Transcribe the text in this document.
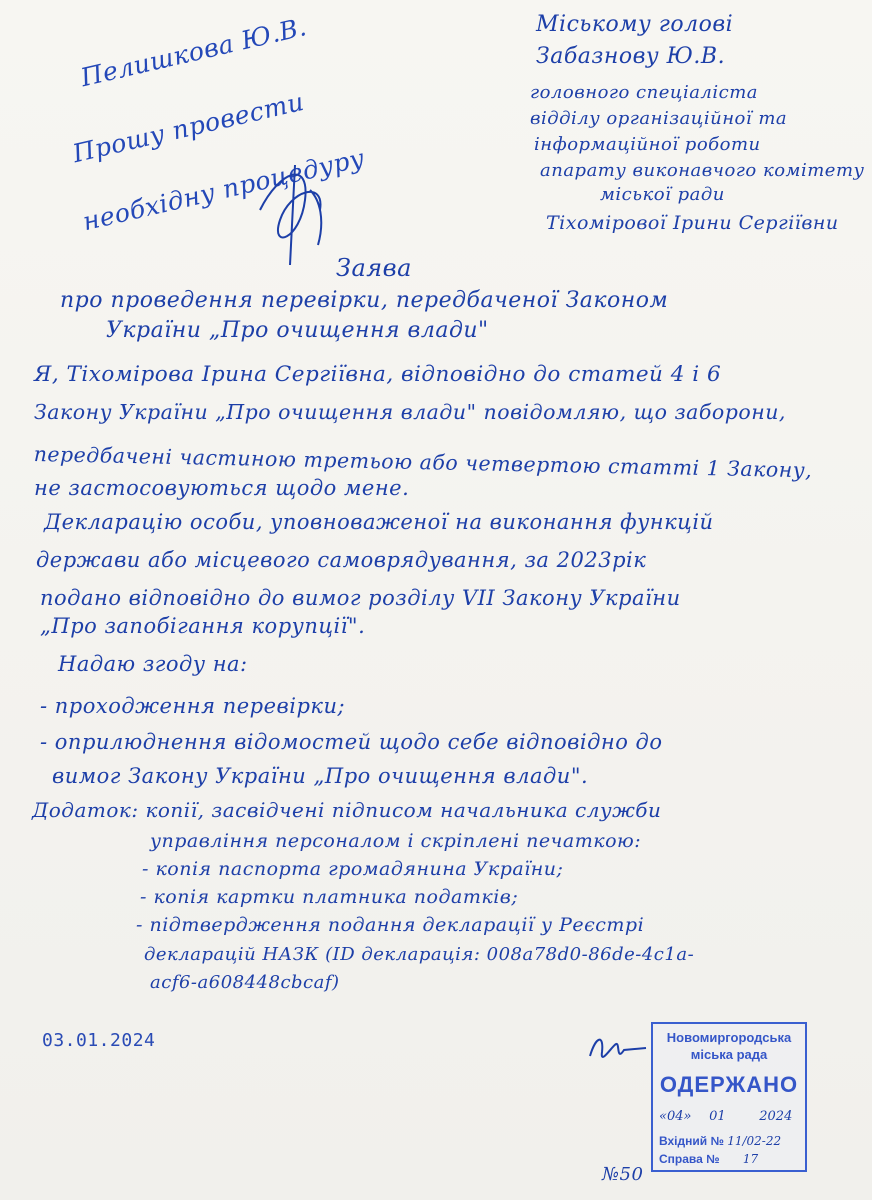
Пелишкова Ю.В.
Прошу провести
необхідну процедуру
Міському голові
Забазнову Ю.В.
головного спеціаліста
відділу організаційної та
інформаційної роботи
апарату виконавчого комітету
міської ради
Тіхомірової Ірини Сергіївни
Заява
про проведення перевірки, передбаченої Законом
України „Про очищення влади"
Я, Тіхомірова Ірина Сергіївна, відповідно до статей 4 і 6
Закону України „Про очищення влади" повідомляю, що заборони,
передбачені частиною третьою або четвертою статті 1 Закону,
не застосовуються щодо мене.
Декларацію особи, уповноваженої на виконання функцій
держави або місцевого самоврядування, за 2023рік
подано відповідно до вимог розділу VII Закону України
„Про запобігання корупції".
Надаю згоду на:
- проходження перевірки;
- оприлюднення відомостей щодо себе відповідно до
вимог Закону України „Про очищення влади".
Додаток: копії, засвідчені підписом начальника служби
управління персоналом і скріплені печаткою:
- копія паспорта громадянина України;
- копія картки платника податків;
- підтвердження подання декларації у Реєстрі
декларацій НАЗК (ID декларація: 008a78d0-86de-4c1a-
acf6-a608448cbcaf)
03.01.2024	Новомиргородська
міська рада
ОДЕРЖАНО
«04» 01	2024
Вхідний № 11/02-22
Справа № 17
№50
